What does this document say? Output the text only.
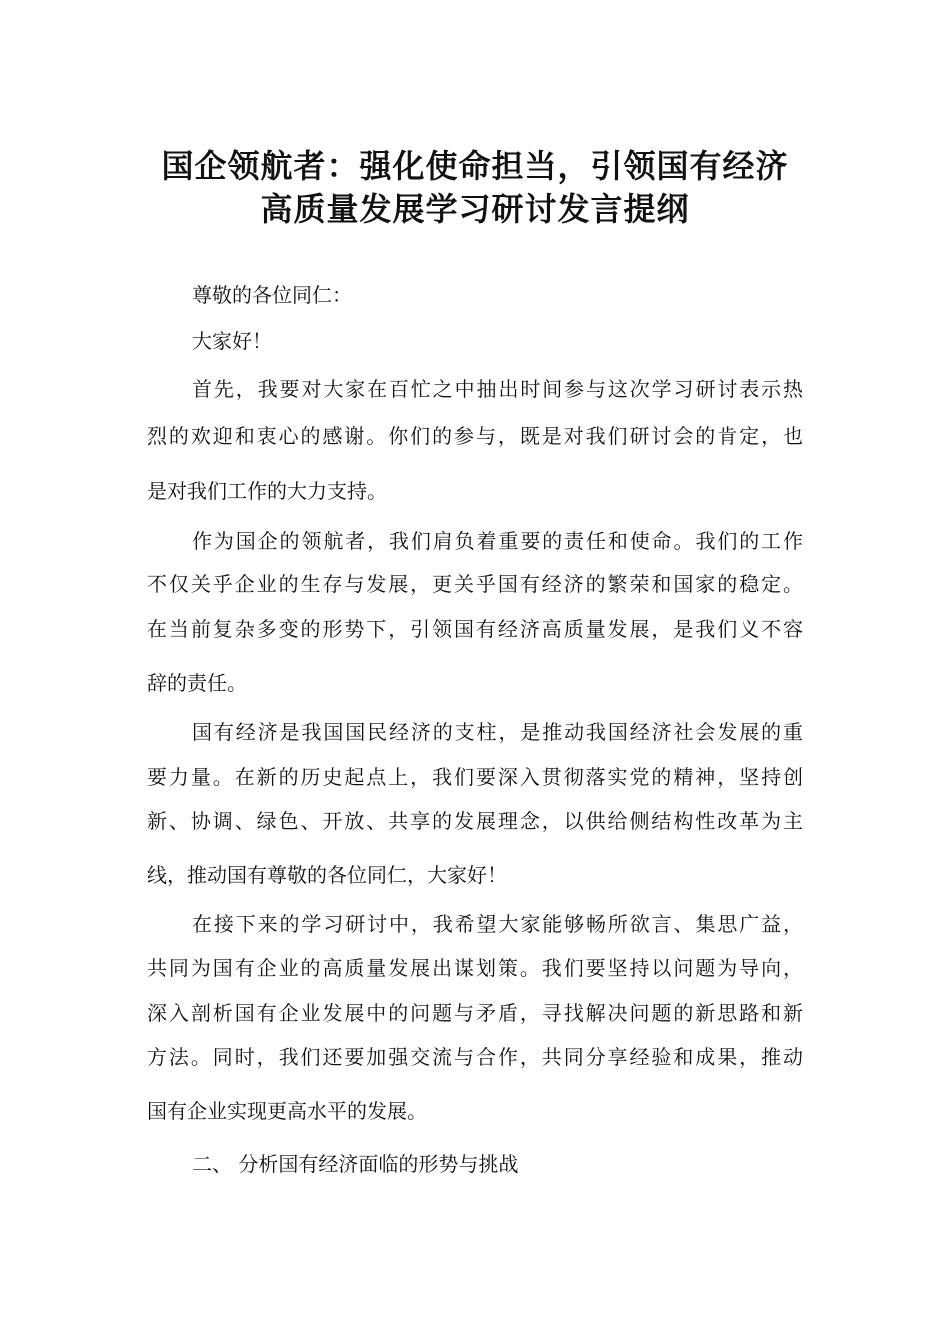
国企领航者：强化使命担当，引领国有经济
高质量发展学习研讨发言提纲
尊敬的各位同仁：
大家好！
首先，我要对大家在百忙之中抽出时间参与这次学习研讨表示热
烈的欢迎和衷心的感谢。你们的参与，既是对我们研讨会的肯定，也
是对我们工作的大力支持。
作为国企的领航者，我们肩负着重要的责任和使命。我们的工作
不仅关乎企业的生存与发展，更关乎国有经济的繁荣和国家的稳定。
在当前复杂多变的形势下，引领国有经济高质量发展，是我们义不容
辞的责任。
国有经济是我国国民经济的支柱，是推动我国经济社会发展的重
要力量。在新的历史起点上，我们要深入贯彻落实党的精神，坚持创
新、协调、绿色、开放、共享的发展理念，以供给侧结构性改革为主
线，推动国有尊敬的各位同仁，大家好！
在接下来的学习研讨中，我希望大家能够畅所欲言、集思广益，
共同为国有企业的高质量发展出谋划策。我们要坚持以问题为导向，
深入剖析国有企业发展中的问题与矛盾，寻找解决问题的新思路和新
方法。同时，我们还要加强交流与合作，共同分享经验和成果，推动
国有企业实现更高水平的发展。
二、 分析国有经济面临的形势与挑战
